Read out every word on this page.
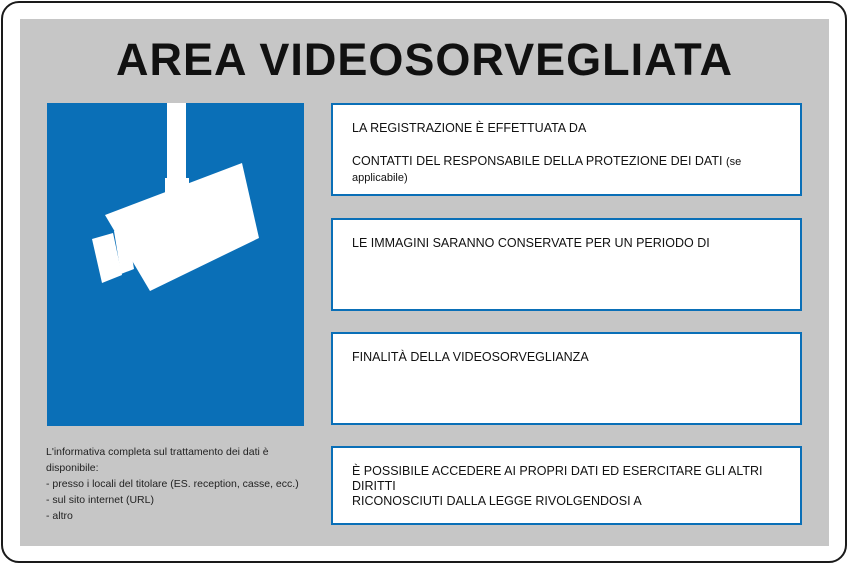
AREA VIDEOSORVEGLIATA
LA REGISTRAZIONE È EFFETTUATA DA
CONTATTI DEL RESPONSABILE DELLA PROTEZIONE DEI DATI (se applicabile)
LE IMMAGINI SARANNO CONSERVATE PER UN PERIODO DI
FINALITÀ DELLA VIDEOSORVEGLIANZA
È POSSIBILE ACCEDERE AI PROPRI DATI ED ESERCITARE GLI ALTRI DIRITTI
RICONOSCIUTI DALLA LEGGE RIVOLGENDOSI A
L'informativa completa sul trattamento dei dati è
disponibile:
- presso i locali del titolare (ES. reception, casse, ecc.)
- sul sito internet (URL)
- altro
